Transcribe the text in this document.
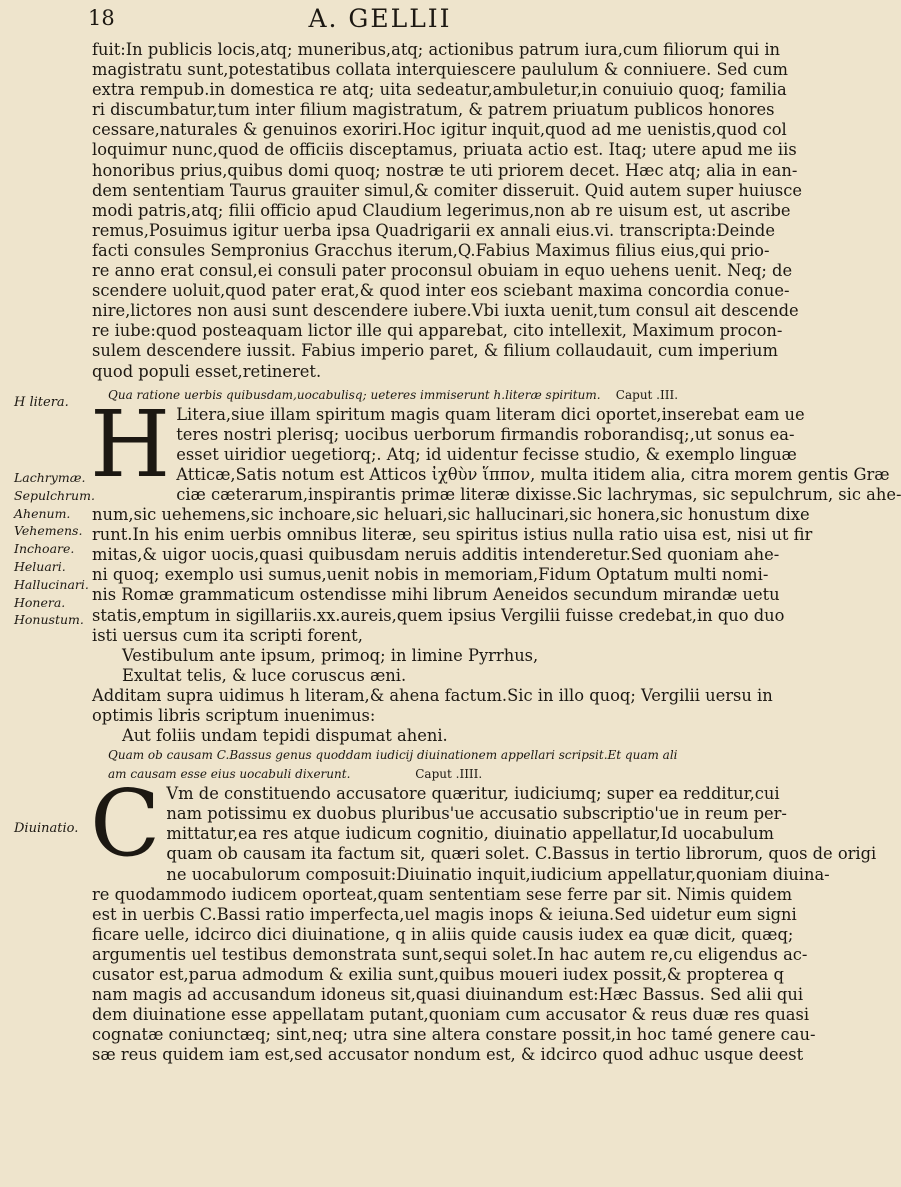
18	A. GELLII
H litera.
Lachrymæ.
Sepulchrum.
Ahenum.
Vehemens.
Inchoare.
Heluari.
Hallucinari.
Honera.
Honustum.
Diuinatio.
fuit:In publicis locis,atq; muneribus,atq; actionibus patrum iura,cum filiorum qui in
magistratu sunt,potestatibus collata interquiescere paululum & conniuere. Sed cum
extra rempub.in domestica re atq; uita sedeatur,ambuletur,in conuiuio quoq; familia
ri discumbatur,tum inter filium magistratum, & patrem priuatum publicos honores
cessare,naturales & genuinos exoriri.Hoc igitur inquit,quod ad me uenistis,quod col
loquimur nunc,quod de officiis disceptamus, priuata actio est. Itaq; utere apud me iis
honoribus prius,quibus domi quoq; nostræ te uti priorem decet. Hæc atq; alia in ean-
dem sententiam Taurus grauiter simul,& comiter disseruit. Quid autem super huiusce
modi patris,atq; filii officio apud Claudium legerimus,non ab re uisum est, ut ascribe
remus,Posuimus igitur uerba ipsa Quadrigarii ex annali eius.vi. transcripta:Deinde
facti consules Sempronius Gracchus iterum,Q.Fabius Maximus filius eius,qui prio-
re anno erat consul,ei consuli pater proconsul obuiam in equo uehens uenit. Neq; de
scendere uoluit,quod pater erat,& quod inter eos sciebant maxima concordia conue-
nire,lictores non ausi sunt descendere iubere.Vbi iuxta uenit,tum consul ait descende
re iube:quod posteaquam lictor ille qui apparebat, cito intellexit, Maximum procon-
sulem descendere iussit. Fabius imperio paret, & filium collaudauit, cum imperium
quod populi esset,retineret.
Qua ratione uerbis quibusdam,uocabulisq; ueteres immiserunt h.literæ spiritum. Caput .III.
H Litera,siue illam spiritum magis quam literam dici oportet,inserebat eam ue
teres nostri plerisq; uocibus uerborum firmandis roborandisq;,ut sonus ea-
esset uiridior uegetiorq;. Atq; id uidentur fecisse studio, & exemplo linguæ
Atticæ,Satis notum est Atticos ἰχθὺν ἵππον, multa itidem alia, citra morem gentis Græ
ciæ cæterarum,inspirantis primæ literæ dixisse.Sic lachrymas, sic sepulchrum, sic ahe-
num,sic uehemens,sic inchoare,sic heluari,sic hallucinari,sic honera,sic honustum dixe
runt.In his enim uerbis omnibus literæ, seu spiritus istius nulla ratio uisa est, nisi ut fir
mitas,& uigor uocis,quasi quibusdam neruis additis intenderetur.Sed quoniam ahe-
ni quoq; exemplo usi sumus,uenit nobis in memoriam,Fidum Optatum multi nomi-
nis Romæ grammaticum ostendisse mihi librum Aeneidos secundum mirandæ uetu
statis,emptum in sigillariis.xx.aureis,quem ipsius Vergilii fuisse credebat,in quo duo
isti uersus cum ita scripti forent,
Vestibulum ante ipsum, primoq; in limine Pyrrhus,
Exultat telis, & luce coruscus æni.
Additam supra uidimus h literam,& ahena factum.Sic in illo quoq; Vergilii uersu in
optimis libris scriptum inuenimus:
Aut foliis undam tepidi dispumat aheni.
Quam ob causam C.Bassus genus quoddam iudicij diuinationem appellari scripsit.Et quam ali
am causam esse eius uocabuli dixerunt.	Caput .IIII.
C Vm de constituendo accusatore quæritur, iudiciumq; super ea redditur,cui
nam potissimu ex duobus pluribus'ue accusatio subscriptio'ue in reum per-
mittatur,ea res atque iudicum cognitio, diuinatio appellatur,Id uocabulum
quam ob causam ita factum sit, quæri solet. C.Bassus in tertio librorum, quos de origi
ne uocabulorum composuit:Diuinatio inquit,iudicium appellatur,quoniam diuina-
re quodammodo iudicem oporteat,quam sententiam sese ferre par sit. Nimis quidem
est in uerbis C.Bassi ratio imperfecta,uel magis inops & ieiuna.Sed uidetur eum signi
ficare uelle, idcirco dici diuinatione, q in aliis quide causis iudex ea quæ dicit, quæq;
argumentis uel testibus demonstrata sunt,sequi solet.In hac autem re,cu eligendus ac-
cusator est,parua admodum & exilia sunt,quibus moueri iudex possit,& propterea q
nam magis ad accusandum idoneus sit,quasi diuinandum est:Hæc Bassus. Sed alii qui
dem diuinatione esse appellatam putant,quoniam cum accusator & reus duæ res quasi
cognatæ coniunctæq; sint,neq; utra sine altera constare possit,in hoc tamé genere cau-
sæ reus quidem iam est,sed accusator nondum est, & idcirco quod adhuc usque deest
